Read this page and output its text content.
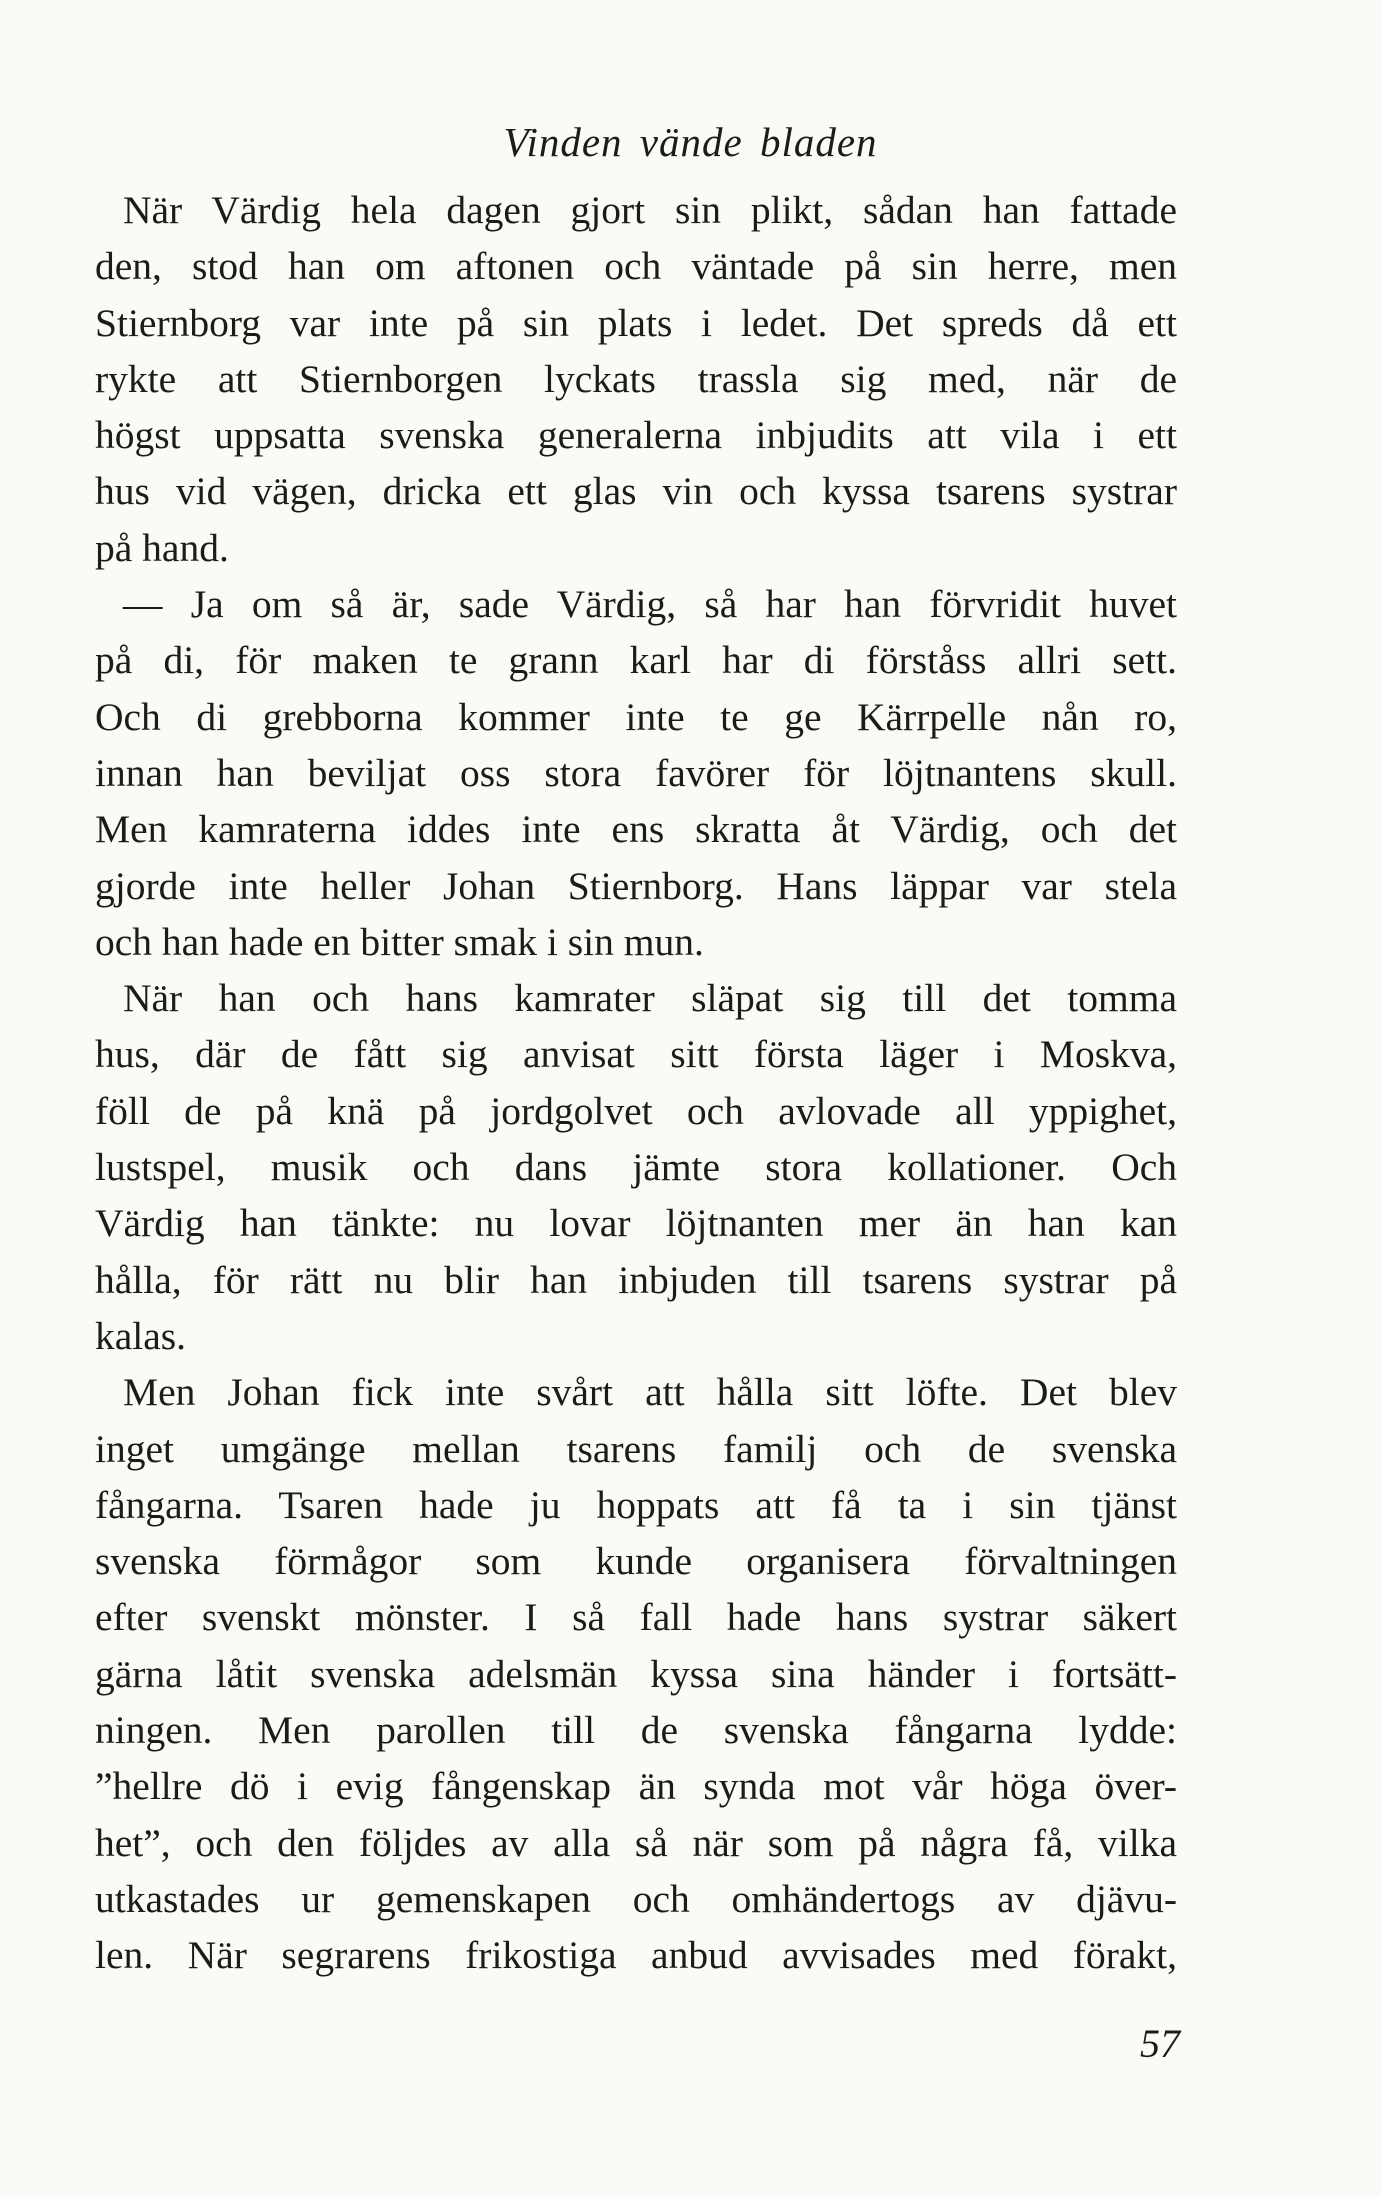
Vinden vände bladen
När Värdig hela dagen gjort sin plikt, sådan han fattade
den, stod han om aftonen och väntade på sin herre, men
Stiernborg var inte på sin plats i ledet. Det spreds då ett
rykte att Stiernborgen lyckats trassla sig med, när de
högst uppsatta svenska generalerna inbjudits att vila i ett
hus vid vägen, dricka ett glas vin och kyssa tsarens systrar
på hand.
— Ja om så är, sade Värdig, så har han förvridit huvet
på di, för maken te grann karl har di förståss allri sett.
Och di grebborna kommer inte te ge Kärrpelle nån ro,
innan han beviljat oss stora favörer för löjtnantens skull.
Men kamraterna iddes inte ens skratta åt Värdig, och det
gjorde inte heller Johan Stiernborg. Hans läppar var stela
och han hade en bitter smak i sin mun.
När han och hans kamrater släpat sig till det tomma
hus, där de fått sig anvisat sitt första läger i Moskva,
föll de på knä på jordgolvet och avlovade all yppighet,
lustspel, musik och dans jämte stora kollationer. Och
Värdig han tänkte: nu lovar löjtnanten mer än han kan
hålla, för rätt nu blir han inbjuden till tsarens systrar på
kalas.
Men Johan fick inte svårt att hålla sitt löfte. Det blev
inget umgänge mellan tsarens familj och de svenska
fångarna. Tsaren hade ju hoppats att få ta i sin tjänst
svenska förmågor som kunde organisera förvaltningen
efter svenskt mönster. I så fall hade hans systrar säkert
gärna låtit svenska adelsmän kyssa sina händer i fortsätt-
ningen. Men parollen till de svenska fångarna lydde:
”hellre dö i evig fångenskap än synda mot vår höga över-
het”, och den följdes av alla så när som på några få, vilka
utkastades ur gemenskapen och omhändertogs av djävu-
len. När segrarens frikostiga anbud avvisades med förakt,
57
